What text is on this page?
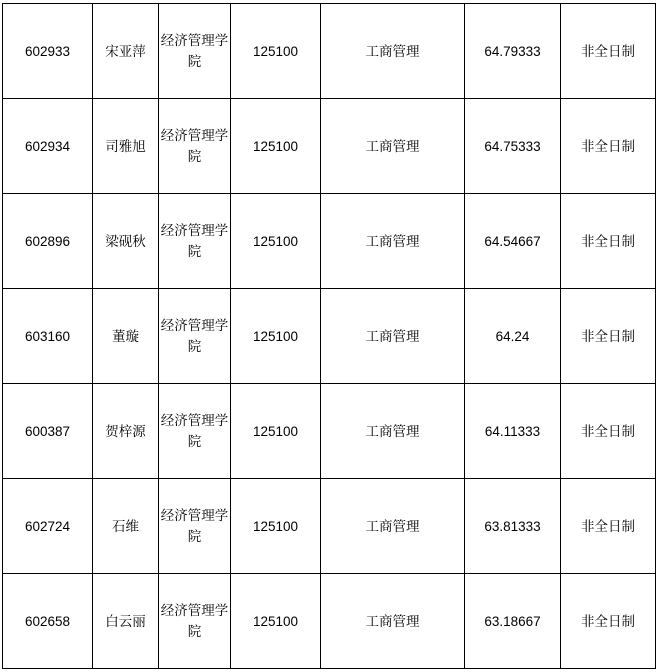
602933	宋亚萍	经济管理学院	125100	工商管理	64.79333	非全日制
602934	司雅旭	经济管理学院	125100	工商管理	64.75333	非全日制
602896	梁砚秋	经济管理学院	125100	工商管理	64.54667	非全日制
603160	董璇	经济管理学院	125100	工商管理	64.24	非全日制
600387	贺梓源	经济管理学院	125100	工商管理	64.11333	非全日制
602724	石维	经济管理学院	125100	工商管理	63.81333	非全日制
602658	白云丽	经济管理学院	125100	工商管理	63.18667	非全日制
